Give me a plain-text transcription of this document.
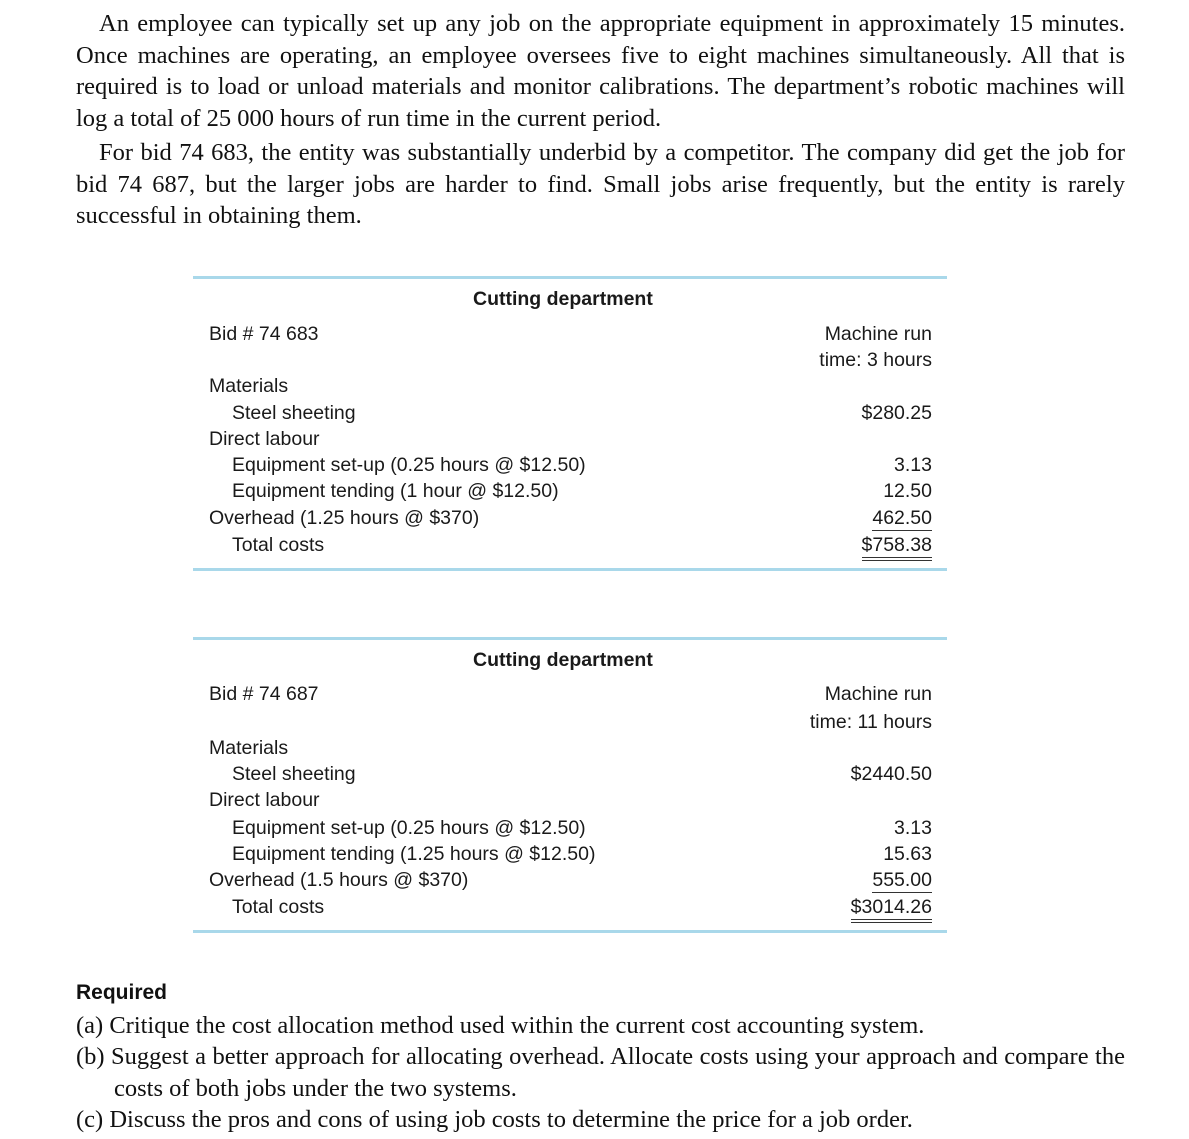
An employee can typically set up any job on the appropriate equipment in approximately 15 minutes. Once machines are operating, an employee oversees five to eight machines simultaneously. All that is required is to load or unload materials and monitor calibrations. The department’s robotic machines will log a total of 25 000 hours of run time in the current period.

For bid 74 683, the entity was substantially underbid by a competitor. The company did get the job for bid 74 687, but the larger jobs are harder to find. Small jobs arise frequently, but the entity is rarely successful in obtaining them.

Cutting department
Bid # 74 683	Machine run
time: 3 hours
Materials
Steel sheeting	$280.25
Direct labour
Equipment set-up (0.25 hours @ $12.50)	3.13
Equipment tending (1 hour @ $12.50)	12.50
Overhead (1.25 hours @ $370)	462.50
Total costs	$758.38
Cutting department
Bid # 74 687	Machine run
time: 11 hours
Materials
Steel sheeting	$2440.50
Direct labour
Equipment set-up (0.25 hours @ $12.50)	3.13
Equipment tending (1.25 hours @ $12.50)	15.63
Overhead (1.5 hours @ $370)	555.00
Total costs	$3014.26
Required
(a) Critique the cost allocation method used within the current cost accounting system.
(b) Suggest a better approach for allocating overhead. Allocate costs using your approach and compare the costs of both jobs under the two systems.
(c) Discuss the pros and cons of using job costs to determine the price for a job order.
